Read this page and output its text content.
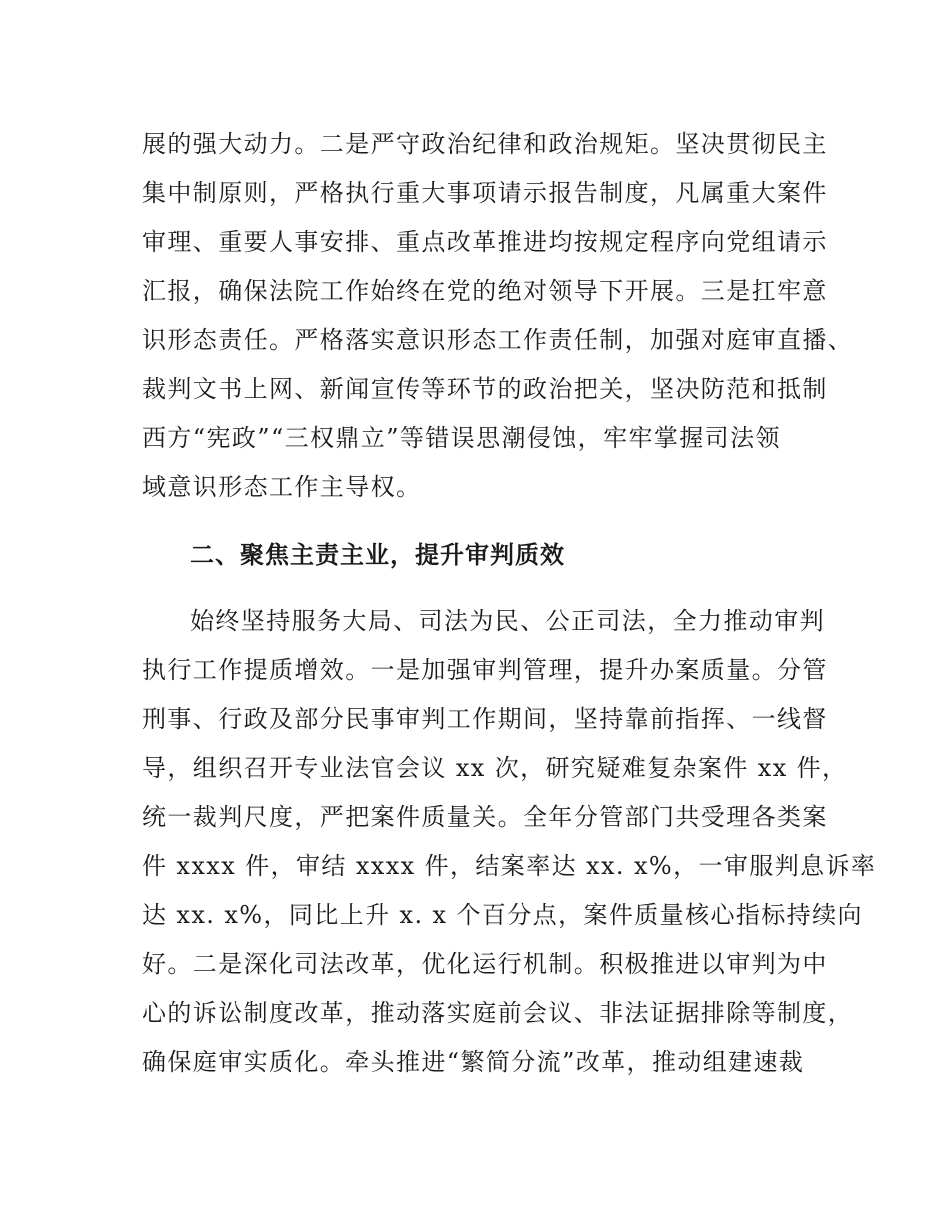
展的强大动力。二是严守政治纪律和政治规矩。坚决贯彻民主
集中制原则，严格执行重大事项请示报告制度，凡属重大案件
审理、重要人事安排、重点改革推进均按规定程序向党组请示
汇报，确保法院工作始终在党的绝对领导下开展。三是扛牢意
识形态责任。严格落实意识形态工作责任制，加强对庭审直播、
裁判文书上网、新闻宣传等环节的政治把关，坚决防范和抵制
西方“宪政”“三权鼎立”等错误思潮侵蚀，牢牢掌握司法领
域意识形态工作主导权。
二、聚焦主责主业，提升审判质效
始终坚持服务大局、司法为民、公正司法，全力推动审判
执行工作提质增效。一是加强审判管理，提升办案质量。分管
刑事、行政及部分民事审判工作期间，坚持靠前指挥、一线督
导，组织召开专业法官会议 xx 次，研究疑难复杂案件 xx 件，
统一裁判尺度，严把案件质量关。全年分管部门共受理各类案
件 xxxx 件，审结 xxxx 件，结案率达 xx. x%，一审服判息诉率
达 xx. x%，同比上升 x. x 个百分点，案件质量核心指标持续向
好。二是深化司法改革，优化运行机制。积极推进以审判为中
心的诉讼制度改革，推动落实庭前会议、非法证据排除等制度，
确保庭审实质化。牵头推进“繁简分流”改革，推动组建速裁
